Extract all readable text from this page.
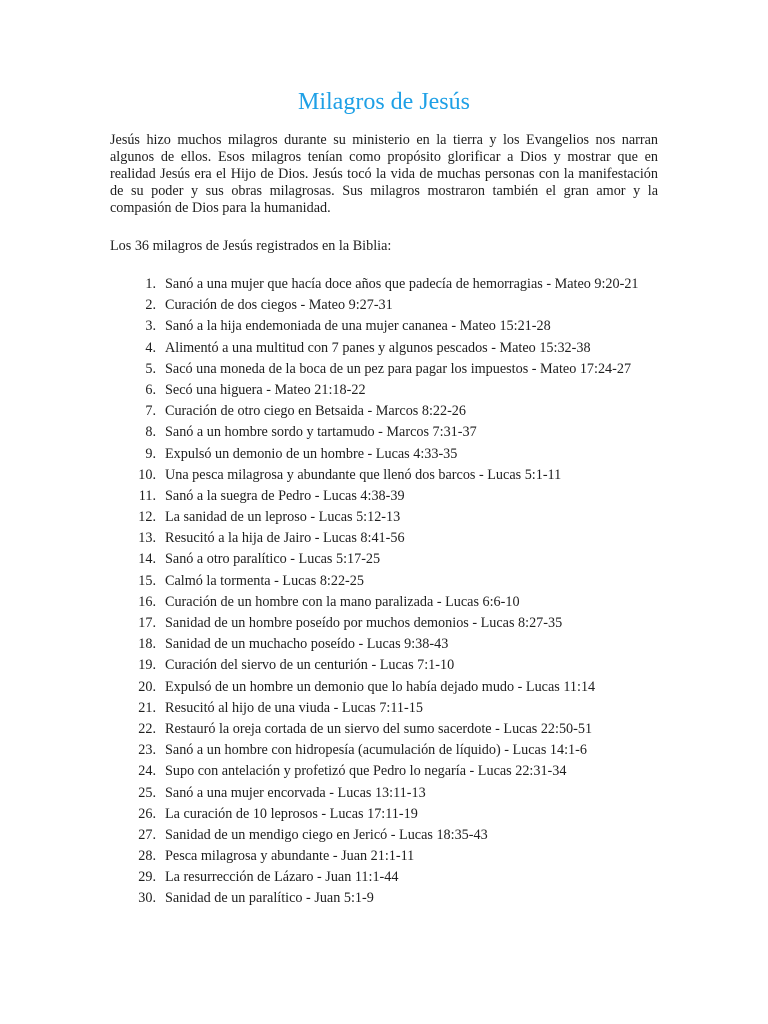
Milagros de Jesús

Jesús hizo muchos milagros durante su ministerio en la tierra y los Evangelios nos narran algunos de ellos. Esos milagros tenían como propósito glorificar a Dios y mostrar que en realidad Jesús era el Hijo de Dios. Jesús tocó la vida de muchas personas con la manifestación de su poder y sus obras milagrosas. Sus milagros mostraron también el gran amor y la compasión de Dios para la humanidad.

Los 36 milagros de Jesús registrados en la Biblia:

1. Sanó a una mujer que hacía doce años que padecía de hemorragias - Mateo 9:20-21
2. Curación de dos ciegos - Mateo 9:27-31
3. Sanó a la hija endemoniada de una mujer cananea - Mateo 15:21-28
4. Alimentó a una multitud con 7 panes y algunos pescados - Mateo 15:32-38
5. Sacó una moneda de la boca de un pez para pagar los impuestos - Mateo 17:24-27
6. Secó una higuera - Mateo 21:18-22
7. Curación de otro ciego en Betsaida - Marcos 8:22-26
8. Sanó a un hombre sordo y tartamudo - Marcos 7:31-37
9. Expulsó un demonio de un hombre - Lucas 4:33-35
10. Una pesca milagrosa y abundante que llenó dos barcos - Lucas 5:1-11
11. Sanó a la suegra de Pedro - Lucas 4:38-39
12. La sanidad de un leproso - Lucas 5:12-13
13. Resucitó a la hija de Jairo - Lucas 8:41-56
14. Sanó a otro paralítico - Lucas 5:17-25
15. Calmó la tormenta - Lucas 8:22-25
16. Curación de un hombre con la mano paralizada - Lucas 6:6-10
17. Sanidad de un hombre poseído por muchos demonios - Lucas 8:27-35
18. Sanidad de un muchacho poseído - Lucas 9:38-43
19. Curación del siervo de un centurión - Lucas 7:1-10
20. Expulsó de un hombre un demonio que lo había dejado mudo - Lucas 11:14
21. Resucitó al hijo de una viuda - Lucas 7:11-15
22. Restauró la oreja cortada de un siervo del sumo sacerdote - Lucas 22:50-51
23. Sanó a un hombre con hidropesía (acumulación de líquido) - Lucas 14:1-6
24. Supo con antelación y profetizó que Pedro lo negaría - Lucas 22:31-34
25. Sanó a una mujer encorvada - Lucas 13:11-13
26. La curación de 10 leprosos - Lucas 17:11-19
27. Sanidad de un mendigo ciego en Jericó - Lucas 18:35-43
28. Pesca milagrosa y abundante - Juan 21:1-11
29. La resurrección de Lázaro - Juan 11:1-44
30. Sanidad de un paralítico - Juan 5:1-9
